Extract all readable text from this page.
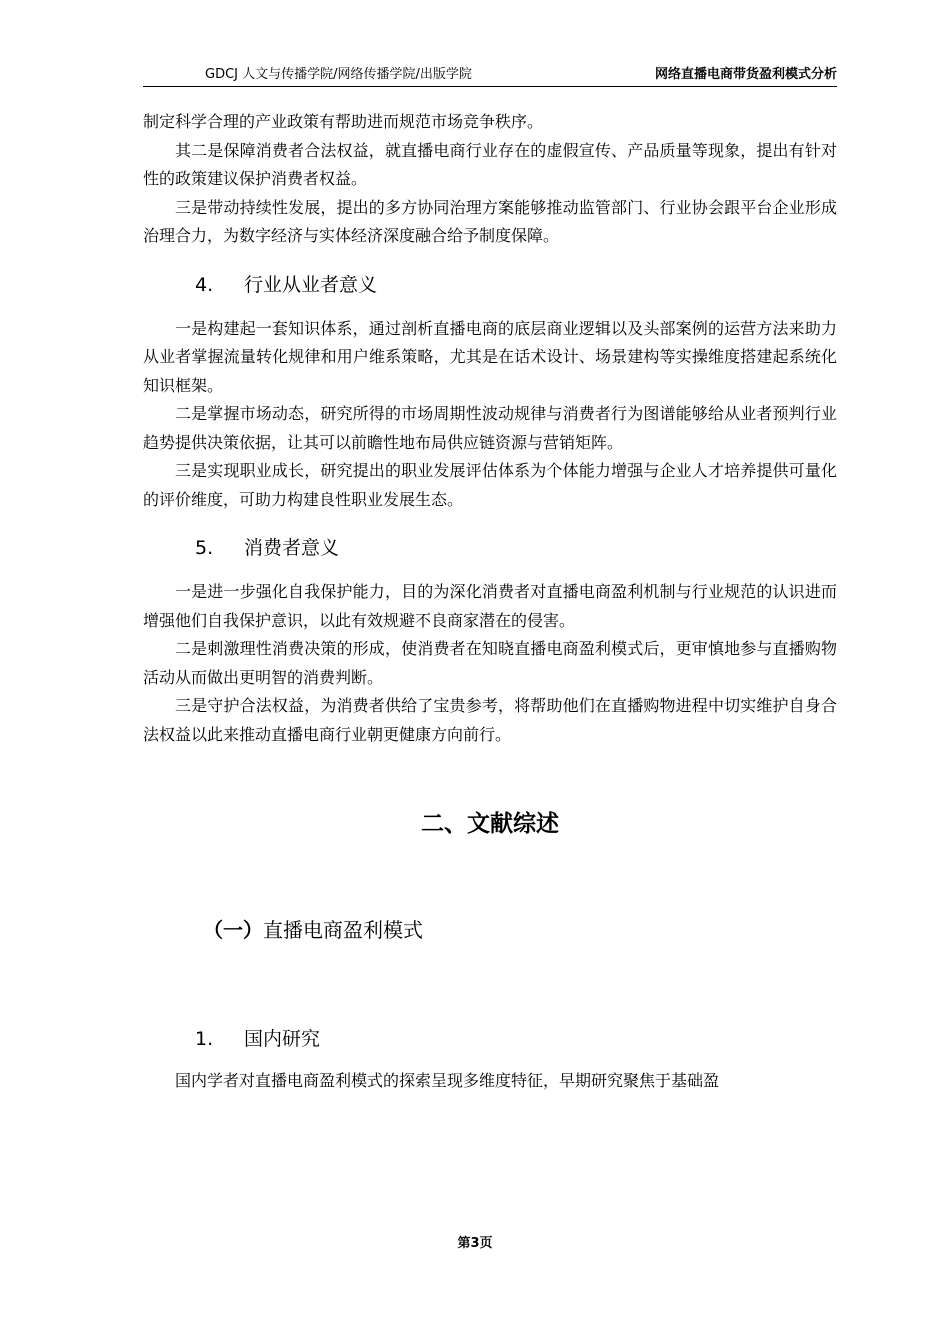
GDCJ 人文与传播学院/网络传播学院/出版学院	网络直播电商带货盈利模式分析

制定科学合理的产业政策有帮助进而规范市场竞争秩序。

其二是保障消费者合法权益，就直播电商行业存在的虚假宣传、产品质量等现象，提出有针对性的政策建议保护消费者权益。

三是带动持续性发展，提出的多方协同治理方案能够推动监管部门、行业协会跟平台企业形成治理合力，为数字经济与实体经济深度融合给予制度保障。

4. 行业从业者意义

一是构建起一套知识体系，通过剖析直播电商的底层商业逻辑以及头部案例的运营方法来助力从业者掌握流量转化规律和用户维系策略，尤其是在话术设计、场景建构等实操维度搭建起系统化知识框架。

二是掌握市场动态，研究所得的市场周期性波动规律与消费者行为图谱能够给从业者预判行业趋势提供决策依据，让其可以前瞻性地布局供应链资源与营销矩阵。

三是实现职业成长，研究提出的职业发展评估体系为个体能力增强与企业人才培养提供可量化的评价维度，可助力构建良性职业发展生态。

5. 消费者意义

一是进一步强化自我保护能力，目的为深化消费者对直播电商盈利机制与行业规范的认识进而增强他们自我保护意识，以此有效规避不良商家潜在的侵害。

二是刺激理性消费决策的形成，使消费者在知晓直播电商盈利模式后，更审慎地参与直播购物活动从而做出更明智的消费判断。

三是守护合法权益，为消费者供给了宝贵参考，将帮助他们在直播购物进程中切实维护自身合法权益以此来推动直播电商行业朝更健康方向前行。

二、文献综述
（一） 直播电商盈利模式
1. 国内研究

国内学者对直播电商盈利模式的探索呈现多维度特征，早期研究聚焦于基础盈

第3页
